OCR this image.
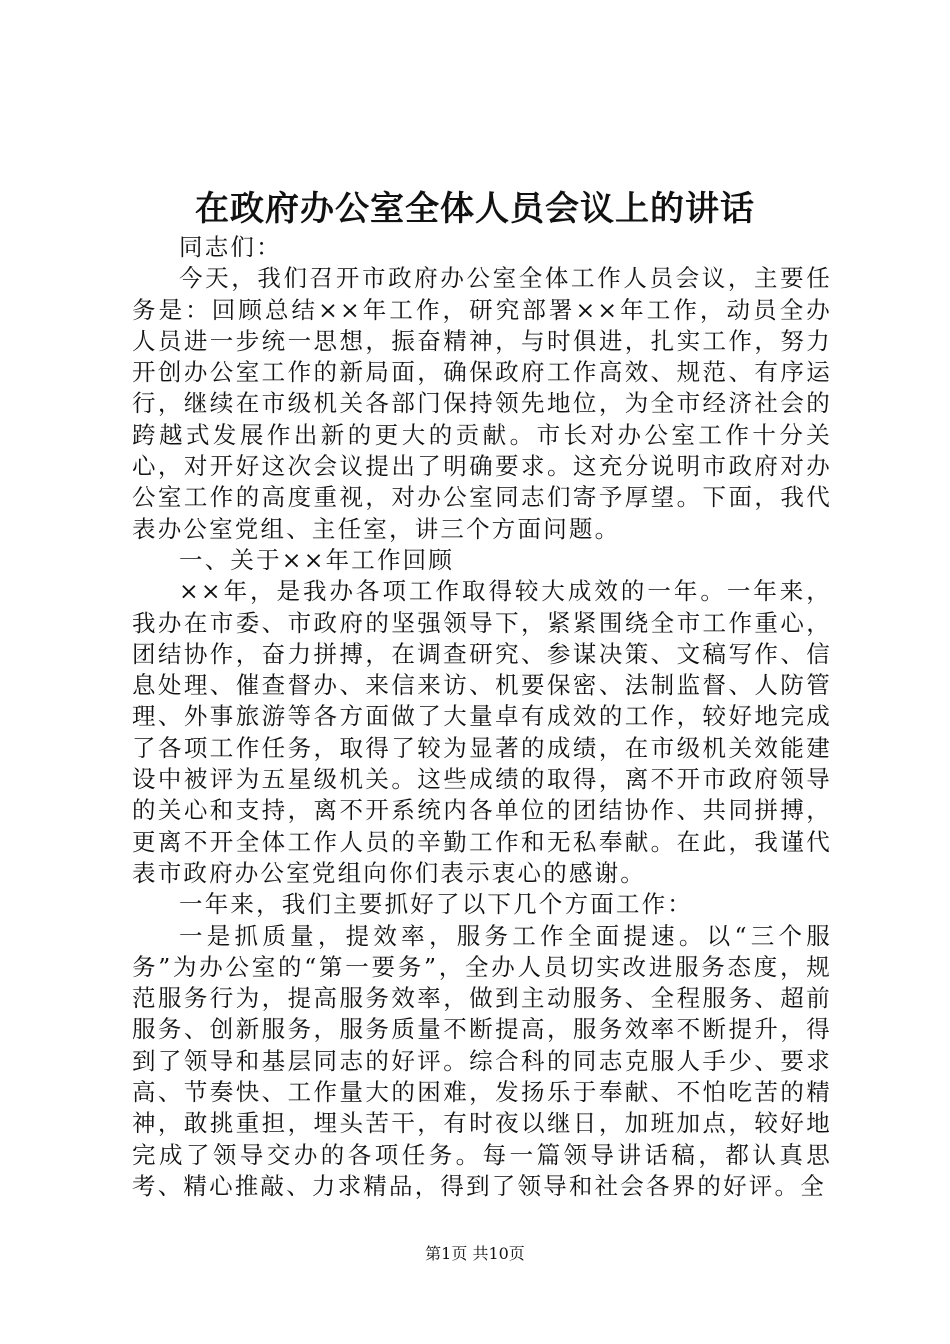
在政府办公室全体人员会议上的讲话

同志们：

今天，我们召开市政府办公室全体工作人员会议，主要任务是：回顾总结××年工作，研究部署××年工作，动员全办人员进一步统一思想，振奋精神，与时俱进，扎实工作，努力开创办公室工作的新局面，确保政府工作高效、规范、有序运行，继续在市级机关各部门保持领先地位，为全市经济社会的跨越式发展作出新的更大的贡献。市长对办公室工作十分关心，对开好这次会议提出了明确要求。这充分说明市政府对办公室工作的高度重视，对办公室同志们寄予厚望。下面，我代表办公室党组、主任室，讲三个方面问题。

一、关于××年工作回顾

××年，是我办各项工作取得较大成效的一年。一年来，我办在市委、市政府的坚强领导下，紧紧围绕全市工作重心，团结协作，奋力拼搏，在调查研究、参谋决策、文稿写作、信息处理、催查督办、来信来访、机要保密、法制监督、人防管理、外事旅游等各方面做了大量卓有成效的工作，较好地完成了各项工作任务，取得了较为显著的成绩，在市级机关效能建设中被评为五星级机关。这些成绩的取得，离不开市政府领导的关心和支持，离不开系统内各单位的团结协作、共同拼搏，更离不开全体工作人员的辛勤工作和无私奉献。在此，我谨代表市政府办公室党组向你们表示衷心的感谢。

一年来，我们主要抓好了以下几个方面工作：

一是抓质量，提效率，服务工作全面提速。以“三个服务”为办公室的“第一要务”，全办人员切实改进服务态度，规范服务行为，提高服务效率，做到主动服务、全程服务、超前服务、创新服务，服务质量不断提高，服务效率不断提升，得到了领导和基层同志的好评。综合科的同志克服人手少、要求高、节奏快、工作量大的困难，发扬乐于奉献、不怕吃苦的精神，敢挑重担，埋头苦干，有时夜以继日，加班加点，较好地完成了领导交办的各项任务。每一篇领导讲话稿，都认真思考、精心推敲、力求精品，得到了领导和社会各界的好评。全

第1页 共10页
